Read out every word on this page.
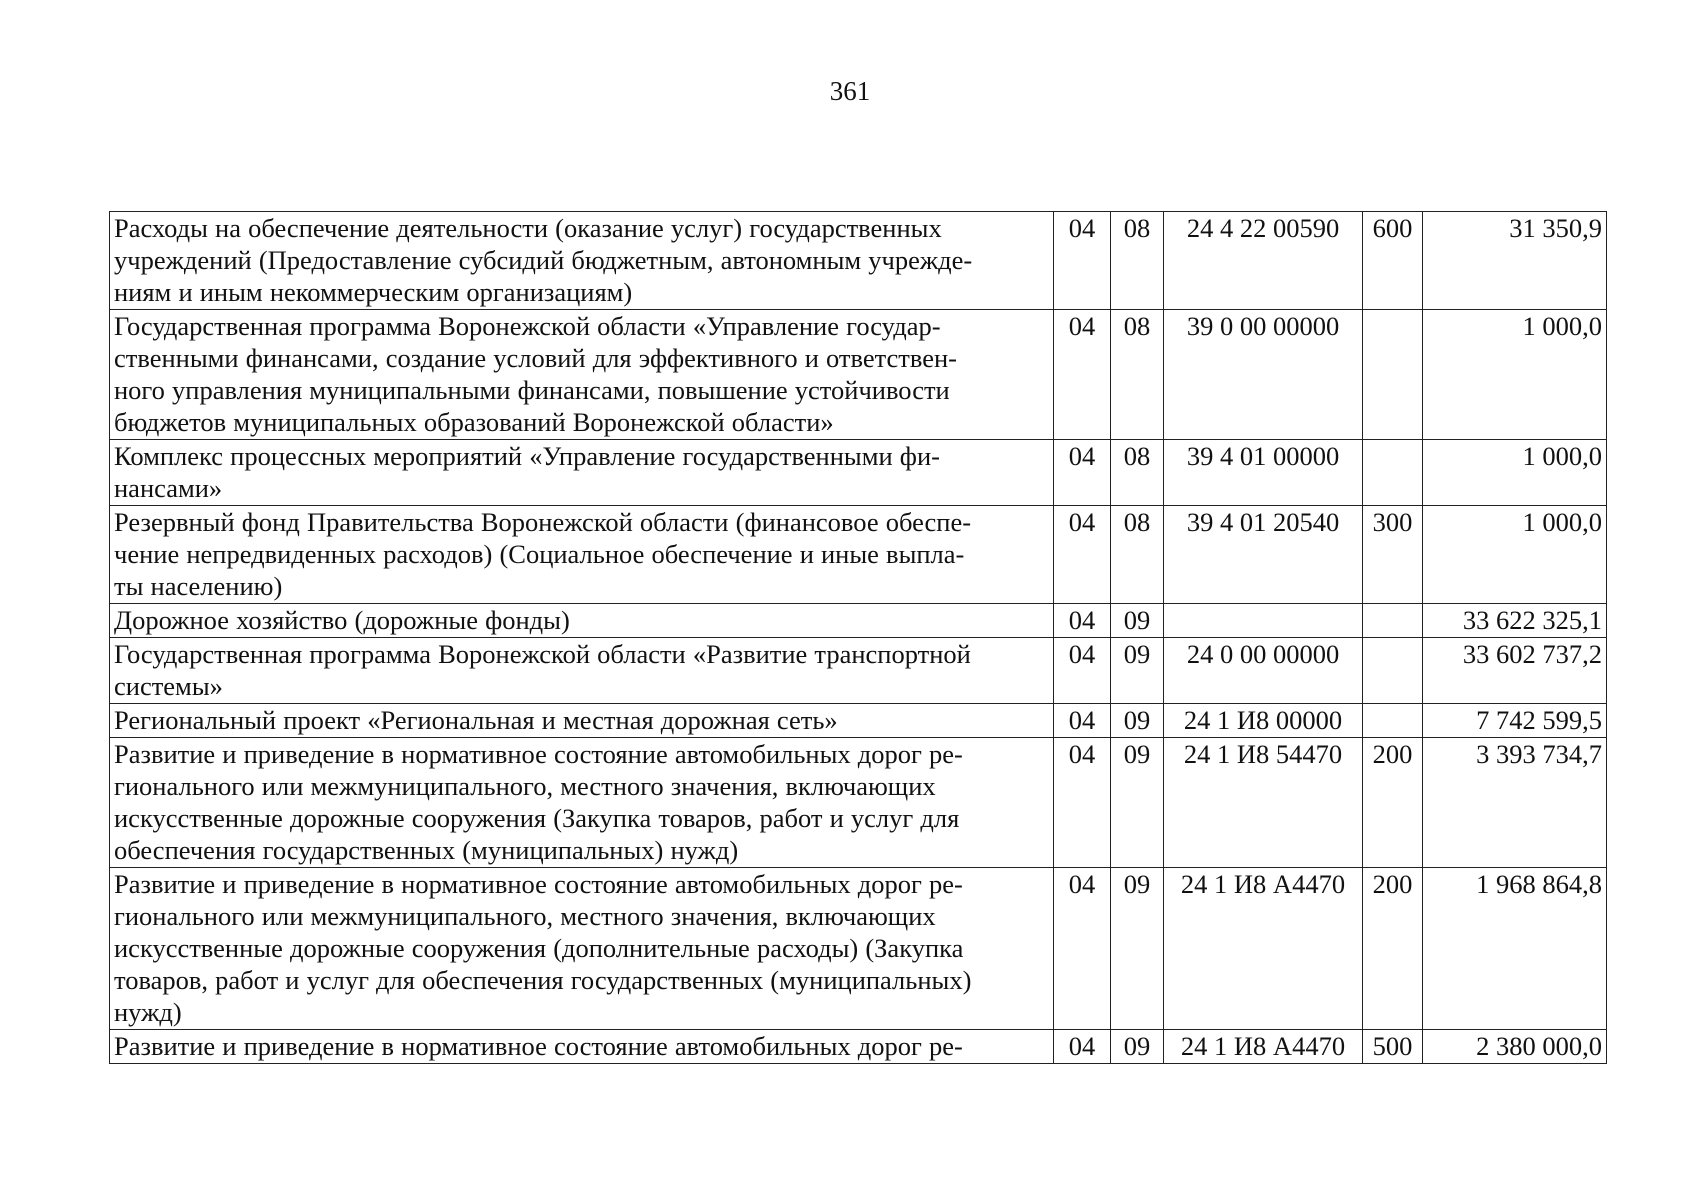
361
Расходы на обеспечение деятельности (оказание услуг) государственных
учреждений (Предоставление субсидий бюджетным, автономным учрежде-
ниям и иным некоммерческим организациям)	04	08	24 4 22 00590	600	31 350,9

Государственная программа Воронежской области «Управление государ-
ственными финансами, создание условий для эффективного и ответствен-
ного управления муниципальными финансами, повышение устойчивости
бюджетов муниципальных образований Воронежской области»	04	08	39 0 00 00000		1 000,0

Комплекс процессных мероприятий «Управление государственными фи-
нансами»	04	08	39 4 01 00000		1 000,0

Резервный фонд Правительства Воронежской области (финансовое обеспе-
чение непредвиденных расходов) (Социальное обеспечение и иные выпла-
ты населению)	04	08	39 4 01 20540	300	1 000,0

Дорожное хозяйство (дорожные фонды)	04	09			33 622 325,1

Государственная программа Воронежской области «Развитие транспортной
системы»	04	09	24 0 00 00000		33 602 737,2

Региональный проект «Региональная и местная дорожная сеть»	04	09	24 1 И8 00000		7 742 599,5

Развитие и приведение в нормативное состояние автомобильных дорог ре-
гионального или межмуниципального, местного значения, включающих
искусственные дорожные сооружения (Закупка товаров, работ и услуг для
обеспечения государственных (муниципальных) нужд)	04	09	24 1 И8 54470	200	3 393 734,7

Развитие и приведение в нормативное состояние автомобильных дорог ре-
гионального или межмуниципального, местного значения, включающих
искусственные дорожные сооружения (дополнительные расходы) (Закупка
товаров, работ и услуг для обеспечения государственных (муниципальных)
нужд)	04	09	24 1 И8 А4470	200	1 968 864,8

Развитие и приведение в нормативное состояние автомобильных дорог ре-	04	09	24 1 И8 А4470	500	2 380 000,0
